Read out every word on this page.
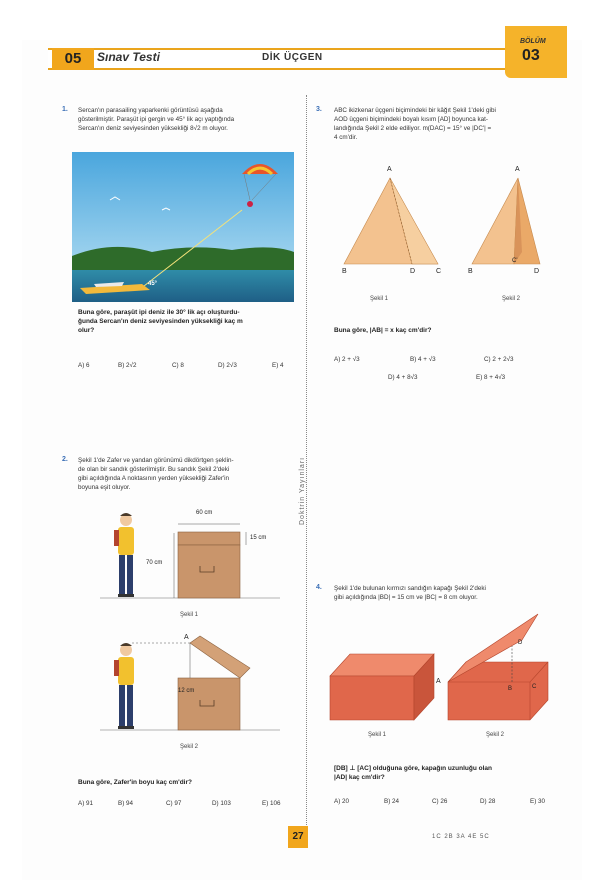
05	Sınav Testi	DİK ÜÇGEN
BÖLÜM
03
Doktrin Yayınları
1. Sercan'ın parasailing yaparkenki görüntüsü aşağıda
gösterilmiştir. Paraşüt ipi gergin ve 45° lik açı yaptığında
Sercan'ın deniz seviyesinden yüksekliği 8√2 m oluyor.
45°
Buna göre, paraşüt ipi deniz ile 30° lik açı oluşturdu-
ğunda Sercan'ın deniz seviyesinden yüksekliği kaç m
olur?
A) 6	B) 2√2	C) 8	D) 2√3	E) 4
2. Şekil 1'de Zafer ve yandan görünümü dikdörtgen şeklin-
de olan bir sandık gösterilmiştir. Bu sandık Şekil 2'deki
gibi açıldığında A noktasının yerden yüksekliği Zafer'in
boyuna eşit oluyor.
60 cm
15 cm
70 cm
Şekil 1
A
12 cm
Şekil 2
Buna göre, Zafer'in boyu kaç cm'dir?
A) 91	B) 94	C) 97	D) 103	E) 106
3. ABC ikizkenar üçgeni biçimindeki bir kâğıt Şekil 1'deki gibi
AOD üçgeni biçimindeki boyalı kısım [AD] boyunca kat-
landığında Şekil 2 elde ediliyor. m(DAC) = 15° ve |DC'| =
4 cm'dir.
A
B	D	C
Şekil 1
A
B
C'
D
Şekil 2
Buna göre, |AB| = x kaç cm'dir?
A) 2 + √3	B) 4 + √3	C) 2 + 2√3
D) 4 + 8√3	E) 8 + 4√3
4. Şekil 1'de bulunan kırmızı sandığın kapağı Şekil 2'deki
gibi açıldığında |BD| = 15 cm ve |BC| = 8 cm oluyor.
A
B	C
D
Şekil 1	Şekil 2
[DB] ⊥ [AC] olduğuna göre, kapağın uzunluğu olan
|AD| kaç cm'dir?
A) 20	B) 24	C) 26	D) 28	E) 30
27	1C 2B 3A 4E 5C
